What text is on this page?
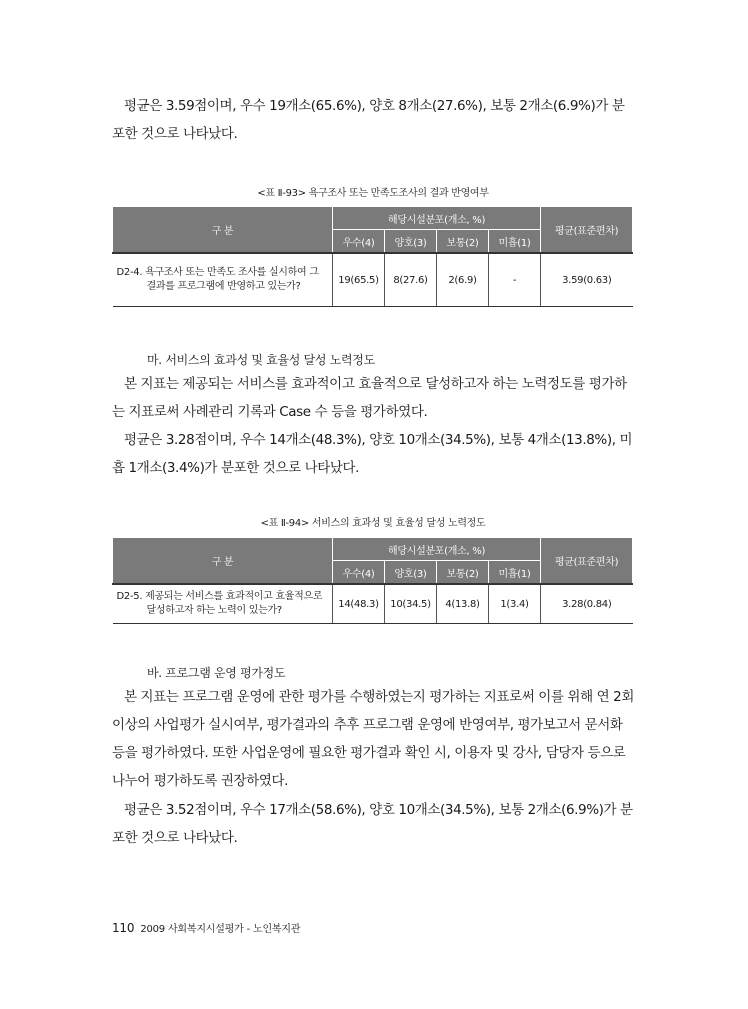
평균은 3.59점이며, 우수 19개소(65.6%), 양호 8개소(27.6%), 보통 2개소(6.9%)가 분포한 것으로 나타났다.

<표 Ⅱ-93> 욕구조사 또는 만족도조사의 결과 반영여부
구 분	해당시설분포(개소, %)				평균(표준편차)
	우수(4)	양호(3)	보통(2)	미흡(1)	

D2-4. 욕구조사 또는 만족도 조사를 실시하여 그 결과를 프로그램에 반영하고 있는가?	19(65.5)	8(27.6)	2(6.9)	-	3.59(0.63)
마. 서비스의 효과성 및 효율성 달성 노력정도

본 지표는 제공되는 서비스를 효과적이고 효율적으로 달성하고자 하는 노력정도를 평가하는 지표로써 사례관리 기록과 Case 수 등을 평가하였다.

평균은 3.28점이며, 우수 14개소(48.3%), 양호 10개소(34.5%), 보통 4개소(13.8%), 미흡 1개소(3.4%)가 분포한 것으로 나타났다.

<표 Ⅱ-94> 서비스의 효과성 및 효율성 달성 노력정도
구 분	해당시설분포(개소, %)				평균(표준편차)
	우수(4)	양호(3)	보통(2)	미흡(1)	

D2-5. 제공되는 서비스를 효과적이고 효율적으로 달성하고자 하는 노력이 있는가?	14(48.3)	10(34.5)	4(13.8)	1(3.4)	3.28(0.84)
바. 프로그램 운영 평가정도

본 지표는 프로그램 운영에 관한 평가를 수행하였는지 평가하는 지표로써 이를 위해 연 2회 이상의 사업평가 실시여부, 평가결과의 추후 프로그램 운영에 반영여부, 평가보고서 문서화 등을 평가하였다. 또한 사업운영에 필요한 평가결과 확인 시, 이용자 및 강사, 담당자 등으로 나누어 평가하도록 권장하였다.

평균은 3.52점이며, 우수 17개소(58.6%), 양호 10개소(34.5%), 보통 2개소(6.9%)가 분포한 것으로 나타났다.

110 2009 사회복지시설평가 - 노인복지관
